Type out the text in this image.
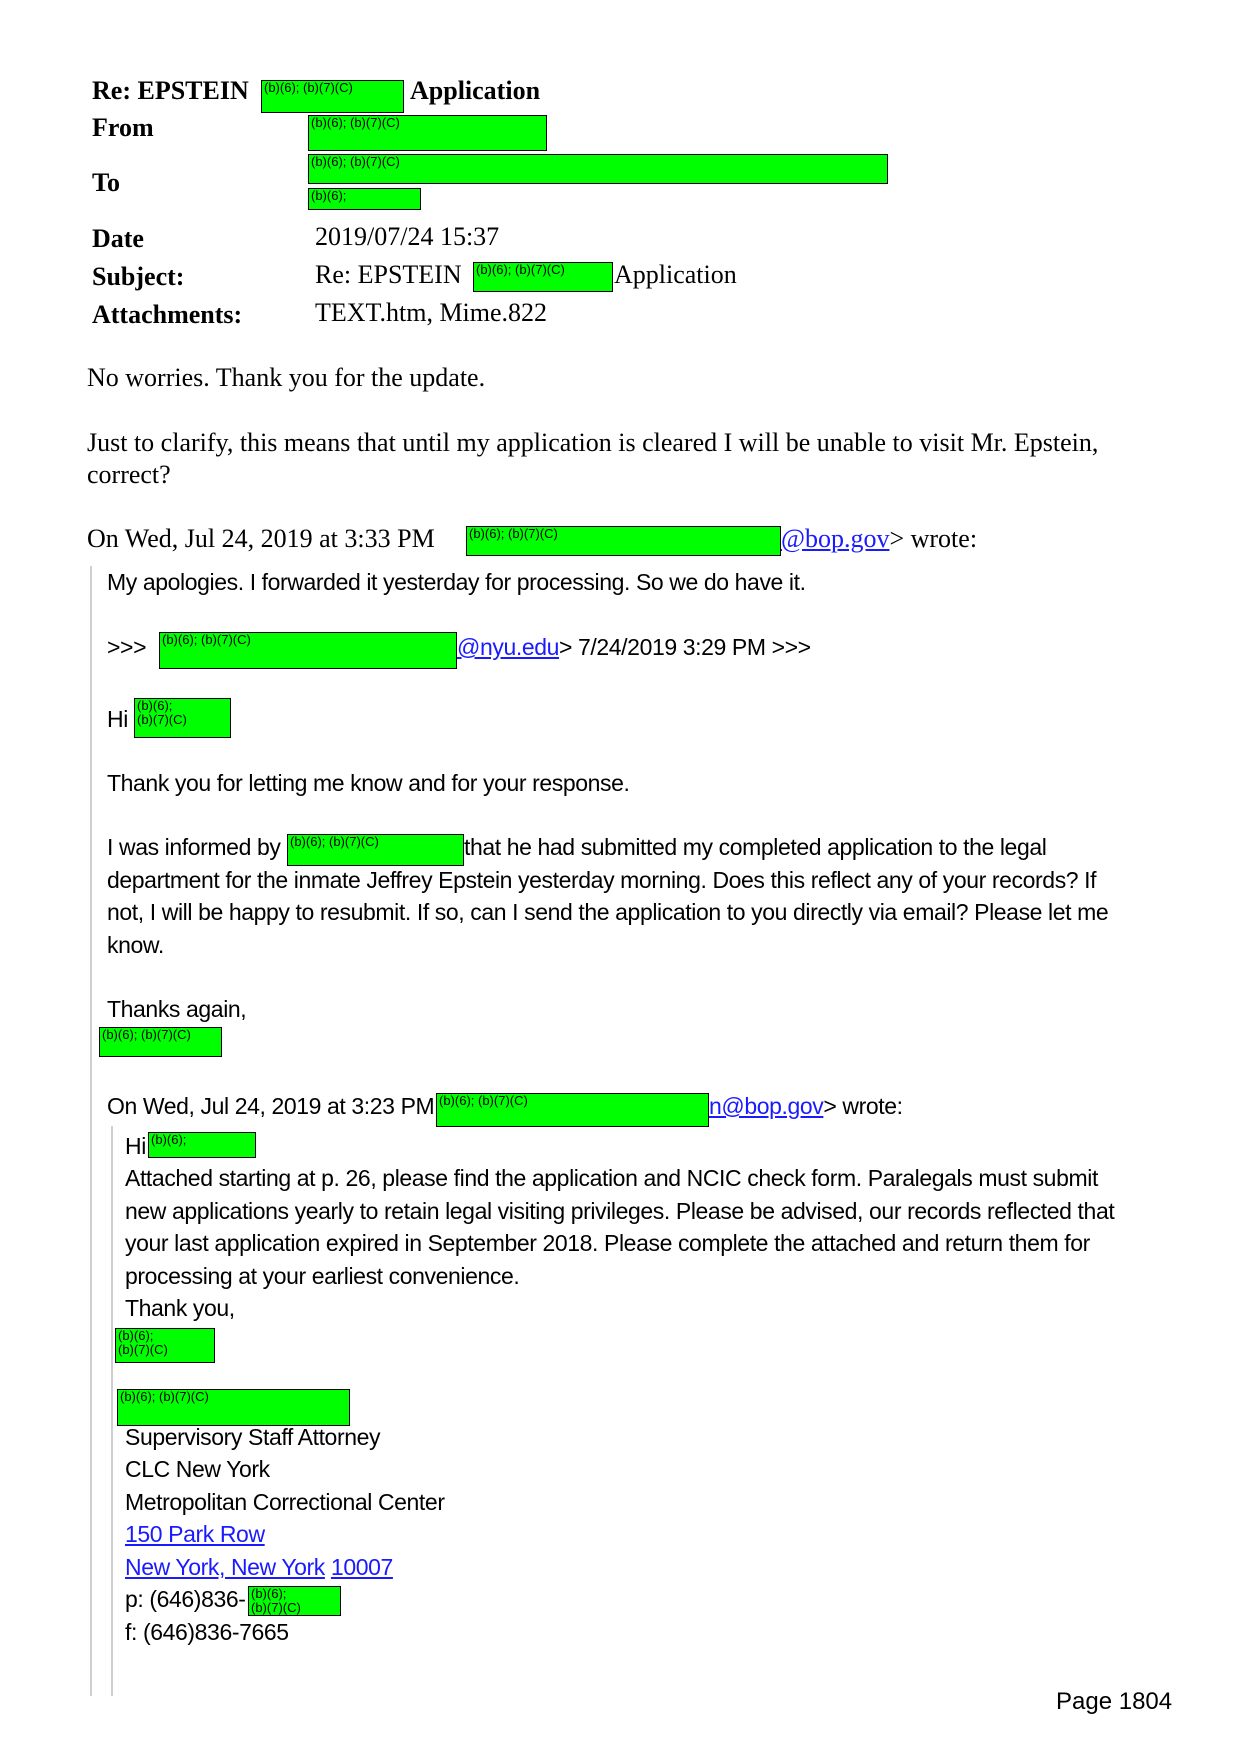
Re: EPSTEIN (b)(6); (b)(7)(C)	Application
From	(b)(6); (b)(7)(C)
To
(b)(6); (b)(7)(C)
(b)(6);
Date	2019/07/24 15:37
Subject:	Re: EPSTEIN (b)(6); (b)(7)(C)	Application
Attachments:	TEXT.htm, Mime.822
No worries. Thank you for the update.
Just to clarify, this means that until my application is cleared I will be unable to visit Mr. Epstein,
correct?
On Wed, Jul 24, 2019 at 3:33 PM	(b)(6); (b)(7)(C)	@bop.gov> wrote:
My apologies. I forwarded it yesterday for processing. So we do have it.
>>> (b)(6); (b)(7)(C)	@nyu.edu> 7/24/2019 3:29 PM >>>
Hi
(b)(6);
(b)(7)(C)
Thank you for letting me know and for your response.
I was informed by (b)(6); (b)(7)(C)	that he had submitted my completed application to the legal
department for the inmate Jeffrey Epstein yesterday morning. Does this reflect any of your records? If
not, I will be happy to resubmit. If so, can I send the application to you directly via email? Please let me
know.
Thanks again,
(b)(6); (b)(7)(C)
On Wed, Jul 24, 2019 at 3:23 PM (b)(6); (b)(7)(C)	n@bop.gov> wrote:
Hi (b)(6);
Attached starting at p. 26, please find the application and NCIC check form. Paralegals must submit
new applications yearly to retain legal visiting privileges. Please be advised, our records reflected that
your last application expired in September 2018. Please complete the attached and return them for
processing at your earliest convenience.
Thank you,
(b)(6);
(b)(7)(C)
(b)(6); (b)(7)(C)
Supervisory Staff Attorney
CLC New York
Metropolitan Correctional Center
150 Park Row
New York, New York 10007
p: (646)836- (b)(6);
(b)(7)(C)
f: (646)836-7665
Page 1804
